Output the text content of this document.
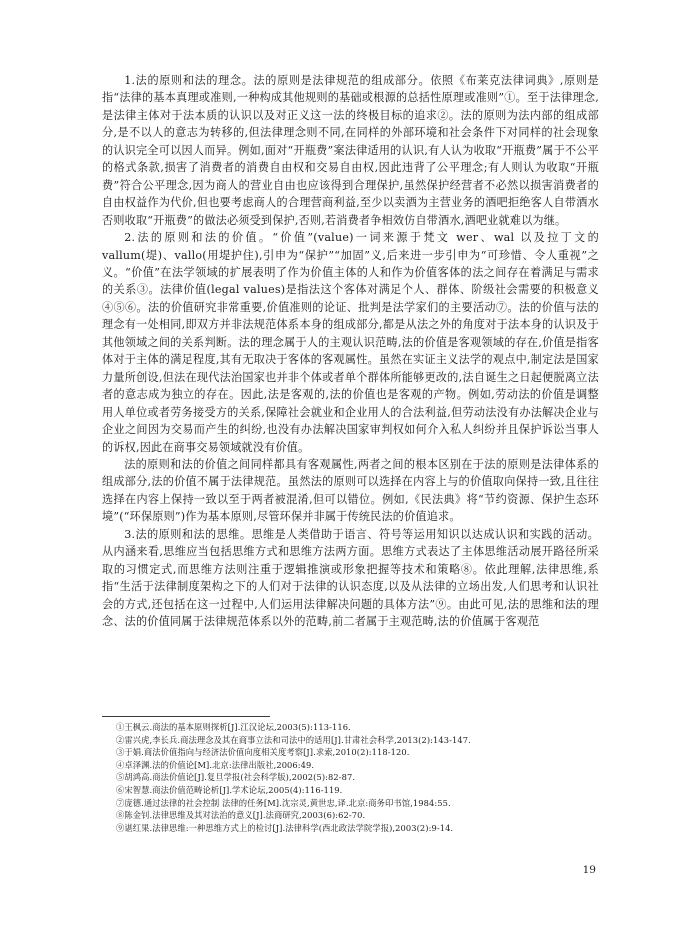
1.法的原则和法的理念。法的原则是法律规范的组成部分。依照《布莱克法律词典》,原则是指“法律的基本真理或准则,一种构成其他规则的基础或根源的总括性原理或准则”①。至于法律理念,是法律主体对于法本质的认识以及对正义这一法的终极目标的追求②。法的原则为法内部的组成部分,是不以人的意志为转移的,但法律理念则不同,在同样的外部环境和社会条件下对同样的社会现象的认识完全可以因人而异。例如,面对“开瓶费”案法律适用的认识,有人认为收取“开瓶费”属于不公平的格式条款,损害了消费者的消费自由权和交易自由权,因此违背了公平理念;有人则认为收取“开瓶费”符合公平理念,因为商人的营业自由也应该得到合理保护,虽然保护经营者不必然以损害消费者的自由权益作为代价,但也要考虑商人的合理营商利益,至少以卖酒为主营业务的酒吧拒绝客人自带酒水否则收取“开瓶费”的做法必须受到保护,否则,若消费者争相效仿自带酒水,酒吧业就难以为继。

2.法的原则和法的价值。“价值”(value)一词来源于梵文 wer、wal 以及拉丁文的 vallum(堤)、vallo(用堤护住),引申为“保护”“加固”义,后来进一步引申为“可珍惜、令人重视”之义。“价值”在法学领域的扩展表明了作为价值主体的人和作为价值客体的法之间存在着满足与需求的关系③。法律价值(legal values)是指法这个客体对满足个人、群体、阶级社会需要的积极意义④⑤⑥。法的价值研究非常重要,价值准则的论证、批判是法学家们的主要活动⑦。法的价值与法的理念有一处相同,即双方并非法规范体系本身的组成部分,都是从法之外的角度对于法本身的认识及于其他领域之间的关系判断。法的理念属于人的主观认识范畴,法的价值是客观领域的存在,价值是指客体对于主体的满足程度,其有无取决于客体的客观属性。虽然在实证主义法学的观点中,制定法是国家力量所创设,但法在现代法治国家也并非个体或者单个群体所能够更改的,法自诞生之日起便脱离立法者的意志成为独立的存在。因此,法是客观的,法的价值也是客观的产物。例如,劳动法的价值是调整用人单位或者劳务接受方的关系,保障社会就业和企业用人的合法利益,但劳动法没有办法解决企业与企业之间因为交易而产生的纠纷,也没有办法解决国家审判权如何介入私人纠纷并且保护诉讼当事人的诉权,因此在商事交易领域就没有价值。

法的原则和法的价值之间同样都具有客观属性,两者之间的根本区别在于法的原则是法律体系的组成部分,法的价值不属于法律规范。虽然法的原则可以选择在内容上与的价值取向保持一致,且往往选择在内容上保持一致以至于两者被混淆,但可以错位。例如,《民法典》将“节约资源、保护生态环境”(“环保原则”)作为基本原则,尽管环保并非属于传统民法的价值追求。

3.法的原则和法的思维。思维是人类借助于语言、符号等运用知识以达成认识和实践的活动。从内涵来看,思维应当包括思维方式和思维方法两方面。思维方式表达了主体思维活动展开路径所采取的习惯定式,而思维方法则注重于逻辑推演或形象把握等技术和策略⑧。依此理解,法律思维,系指“生活于法律制度架构之下的人们对于法律的认识态度,以及从法律的立场出发,人们思考和认识社会的方式,还包括在这一过程中,人们运用法律解决问题的具体方法”⑨。由此可见,法的思维和法的理念、法的价值同属于法律规范体系以外的范畴,前二者属于主观范畴,法的价值属于客观范

①王枫云.商法的基本原则探析[J].江汉论坛,2003(5):113-116.

②雷兴虎,李长兵.商法理念及其在商事立法和司法中的适用[J].甘肃社会科学,2013(2):143-147.

③于娟.商法价值指向与经济法价值向度相关度考察[J].求索,2010(2):118-120.

④卓泽渊.法的价值论[M].北京:法律出版社,2006:49.

⑤胡鸿高.商法价值论[J].复旦学报(社会科学版),2002(5):82-87.

⑥宋智慧.商法价值范畴论析[J].学术论坛,2005(4):116-119.

⑦庞德.通过法律的社会控制 法律的任务[M].沈宗灵,黄世忠,译.北京:商务印书馆,1984:55.

⑧陈金钊.法律思维及其对法治的意义[J].法商研究,2003(6):62-70.

⑨谌红果.法律思维:一种思维方式上的检讨[J].法律科学(西北政法学院学报),2003(2):9-14.

19
